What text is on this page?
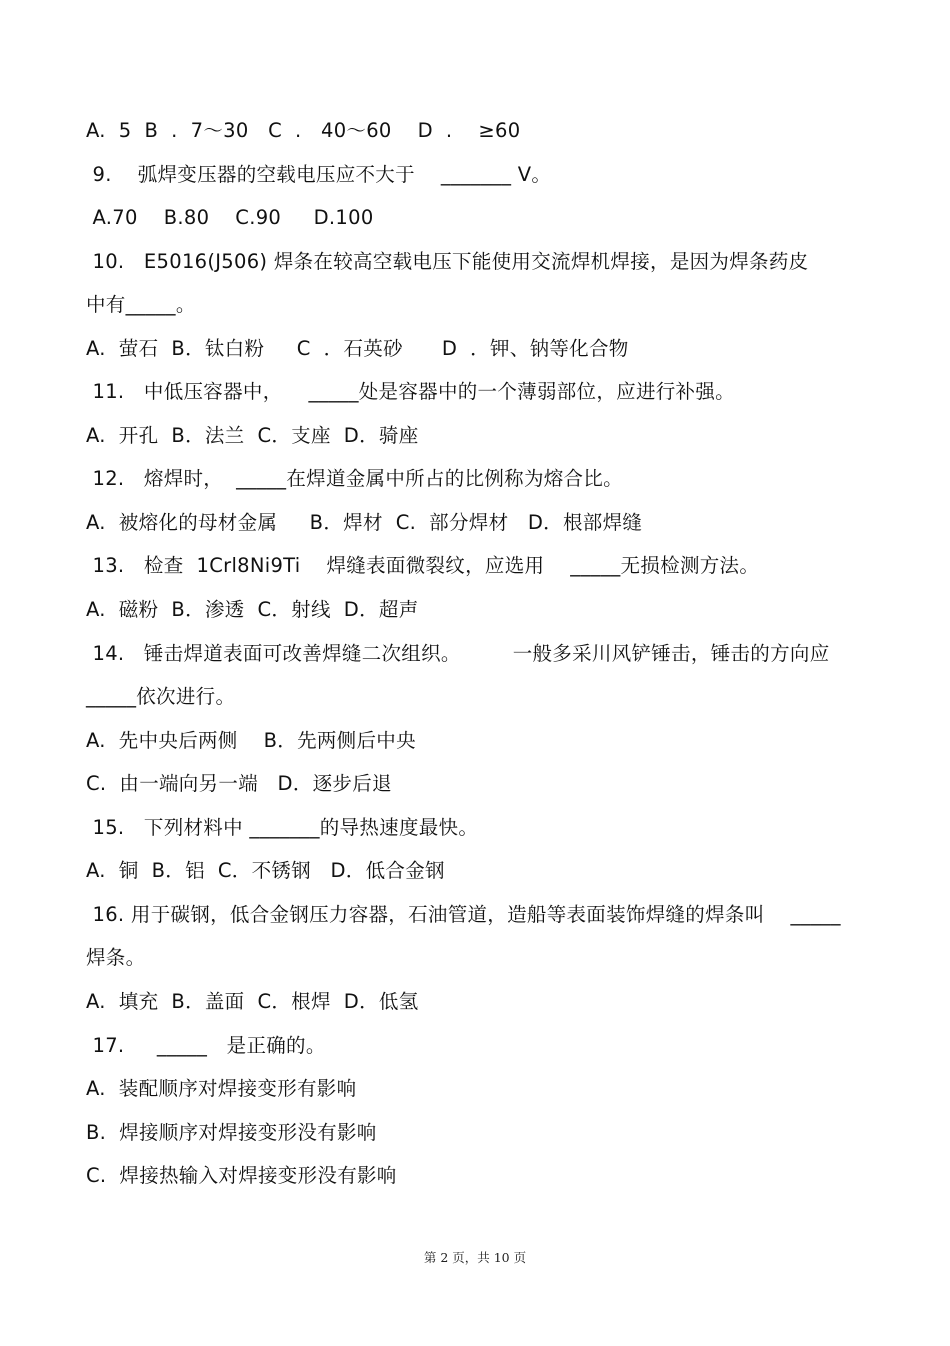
A.  5  B  .  7～30   C  .   40～60    D  .    ≥60
9.    弧焊变压器的空载电压应不大于    _______ V。
A.70    B.80    C.90     D.100
10.   E5016(J506) 焊条在较高空载电压下能使用交流焊机焊接，是因为焊条药皮
中有_____。
A.  萤石  B．钛白粉     C  ．石英砂      D  ．钾、钠等化合物
11.   中低压容器中，    _____处是容器中的一个薄弱部位，应进行补强。
A.  开孔  B．法兰  C．支座  D．骑座
12.   熔焊时，  _____在焊道金属中所占的比例称为熔合比。
A.  被熔化的母材金属     B．焊材  C.  部分焊材   D．根部焊缝
13.   检查  1Crl8Ni9Ti    焊缝表面微裂纹，应选用    _____无损检测方法。
A.  磁粉  B．渗透  C．射线  D．超声
14.   锤击焊道表面可改善焊缝二次组织。        一般多采川风铲锤击，锤击的方向应
_____依次进行。
A.  先中央后两侧    B．先两侧后中央
C.  由一端向另一端   D．逐步后退
15.   下列材料中 _______的导热速度最快。
A.  铜  B．铝  C．不锈钢   D．低合金钢
16. 用于碳钢，低合金钢压力容器，石油管道，造船等表面装饰焊缝的焊条叫    _____
焊条。
A.  填充  B．盖面  C．根焊  D．低氢
17.     _____   是正确的。
A.  装配顺序对焊接变形有影响
B.  焊接顺序对焊接变形没有影响
C.  焊接热输入对焊接变形没有影响
第 2 页，共 10 页
